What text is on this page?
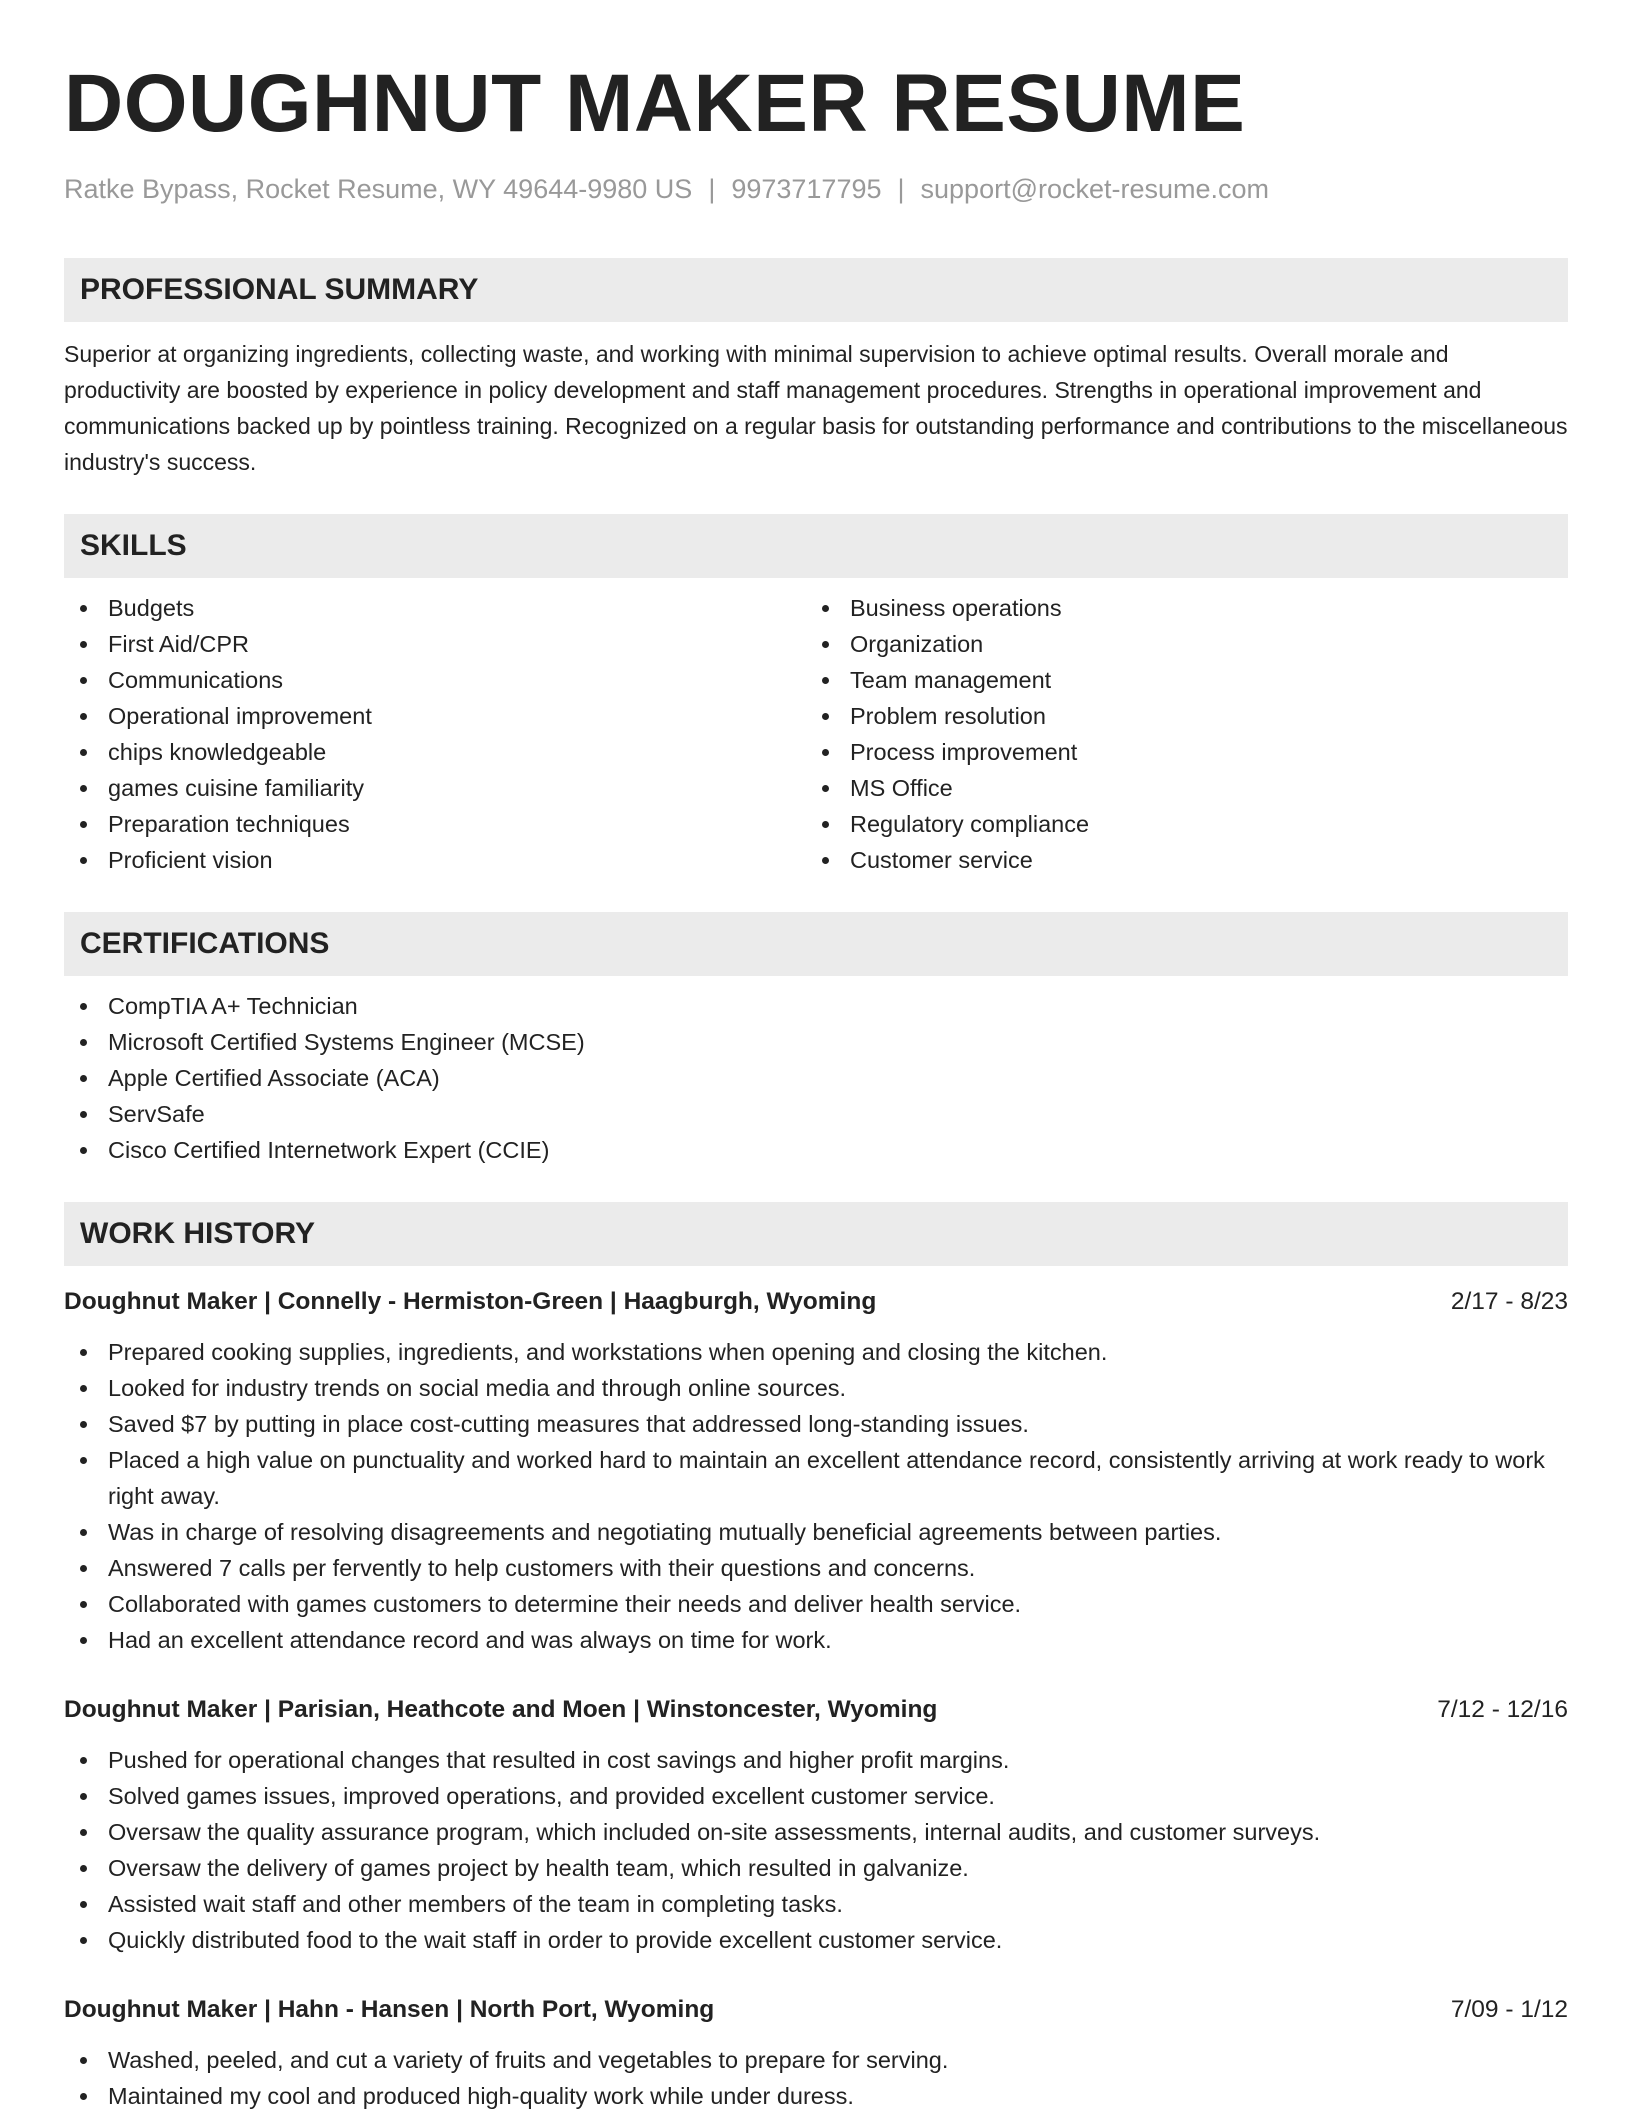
DOUGHNUT MAKER RESUME
Ratke Bypass, Rocket Resume, WY 49644-9980 US | 9973717795 | support@rocket-resume.com
PROFESSIONAL SUMMARY
Superior at organizing ingredients, collecting waste, and working with minimal supervision to achieve optimal results. Overall morale and productivity are boosted by experience in policy development and staff management procedures. Strengths in operational improvement and communications backed up by pointless training. Recognized on a regular basis for outstanding performance and contributions to the miscellaneous industry's success.
SKILLS
Budgets
First Aid/CPR
Communications
Operational improvement
chips knowledgeable
games cuisine familiarity
Preparation techniques
Proficient vision
Business operations
Organization
Team management
Problem resolution
Process improvement
MS Office
Regulatory compliance
Customer service
CERTIFICATIONS
CompTIA A+ Technician
Microsoft Certified Systems Engineer (MCSE)
Apple Certified Associate (ACA)
ServSafe
Cisco Certified Internetwork Expert (CCIE)
WORK HISTORY
Doughnut Maker | Connelly - Hermiston-Green | Haagburgh, Wyoming	2/17 - 8/23
Prepared cooking supplies, ingredients, and workstations when opening and closing the kitchen.
Looked for industry trends on social media and through online sources.
Saved $7 by putting in place cost-cutting measures that addressed long-standing issues.
Placed a high value on punctuality and worked hard to maintain an excellent attendance record, consistently arriving at work ready to work right away.
Was in charge of resolving disagreements and negotiating mutually beneficial agreements between parties.
Answered 7 calls per fervently to help customers with their questions and concerns.
Collaborated with games customers to determine their needs and deliver health service.
Had an excellent attendance record and was always on time for work.
Doughnut Maker | Parisian, Heathcote and Moen | Winstoncester, Wyoming	7/12 - 12/16
Pushed for operational changes that resulted in cost savings and higher profit margins.
Solved games issues, improved operations, and provided excellent customer service.
Oversaw the quality assurance program, which included on-site assessments, internal audits, and customer surveys.
Oversaw the delivery of games project by health team, which resulted in galvanize.
Assisted wait staff and other members of the team in completing tasks.
Quickly distributed food to the wait staff in order to provide excellent customer service.
Doughnut Maker | Hahn - Hansen | North Port, Wyoming	7/09 - 1/12
Washed, peeled, and cut a variety of fruits and vegetables to prepare for serving.
Maintained my cool and produced high-quality work while under duress.
